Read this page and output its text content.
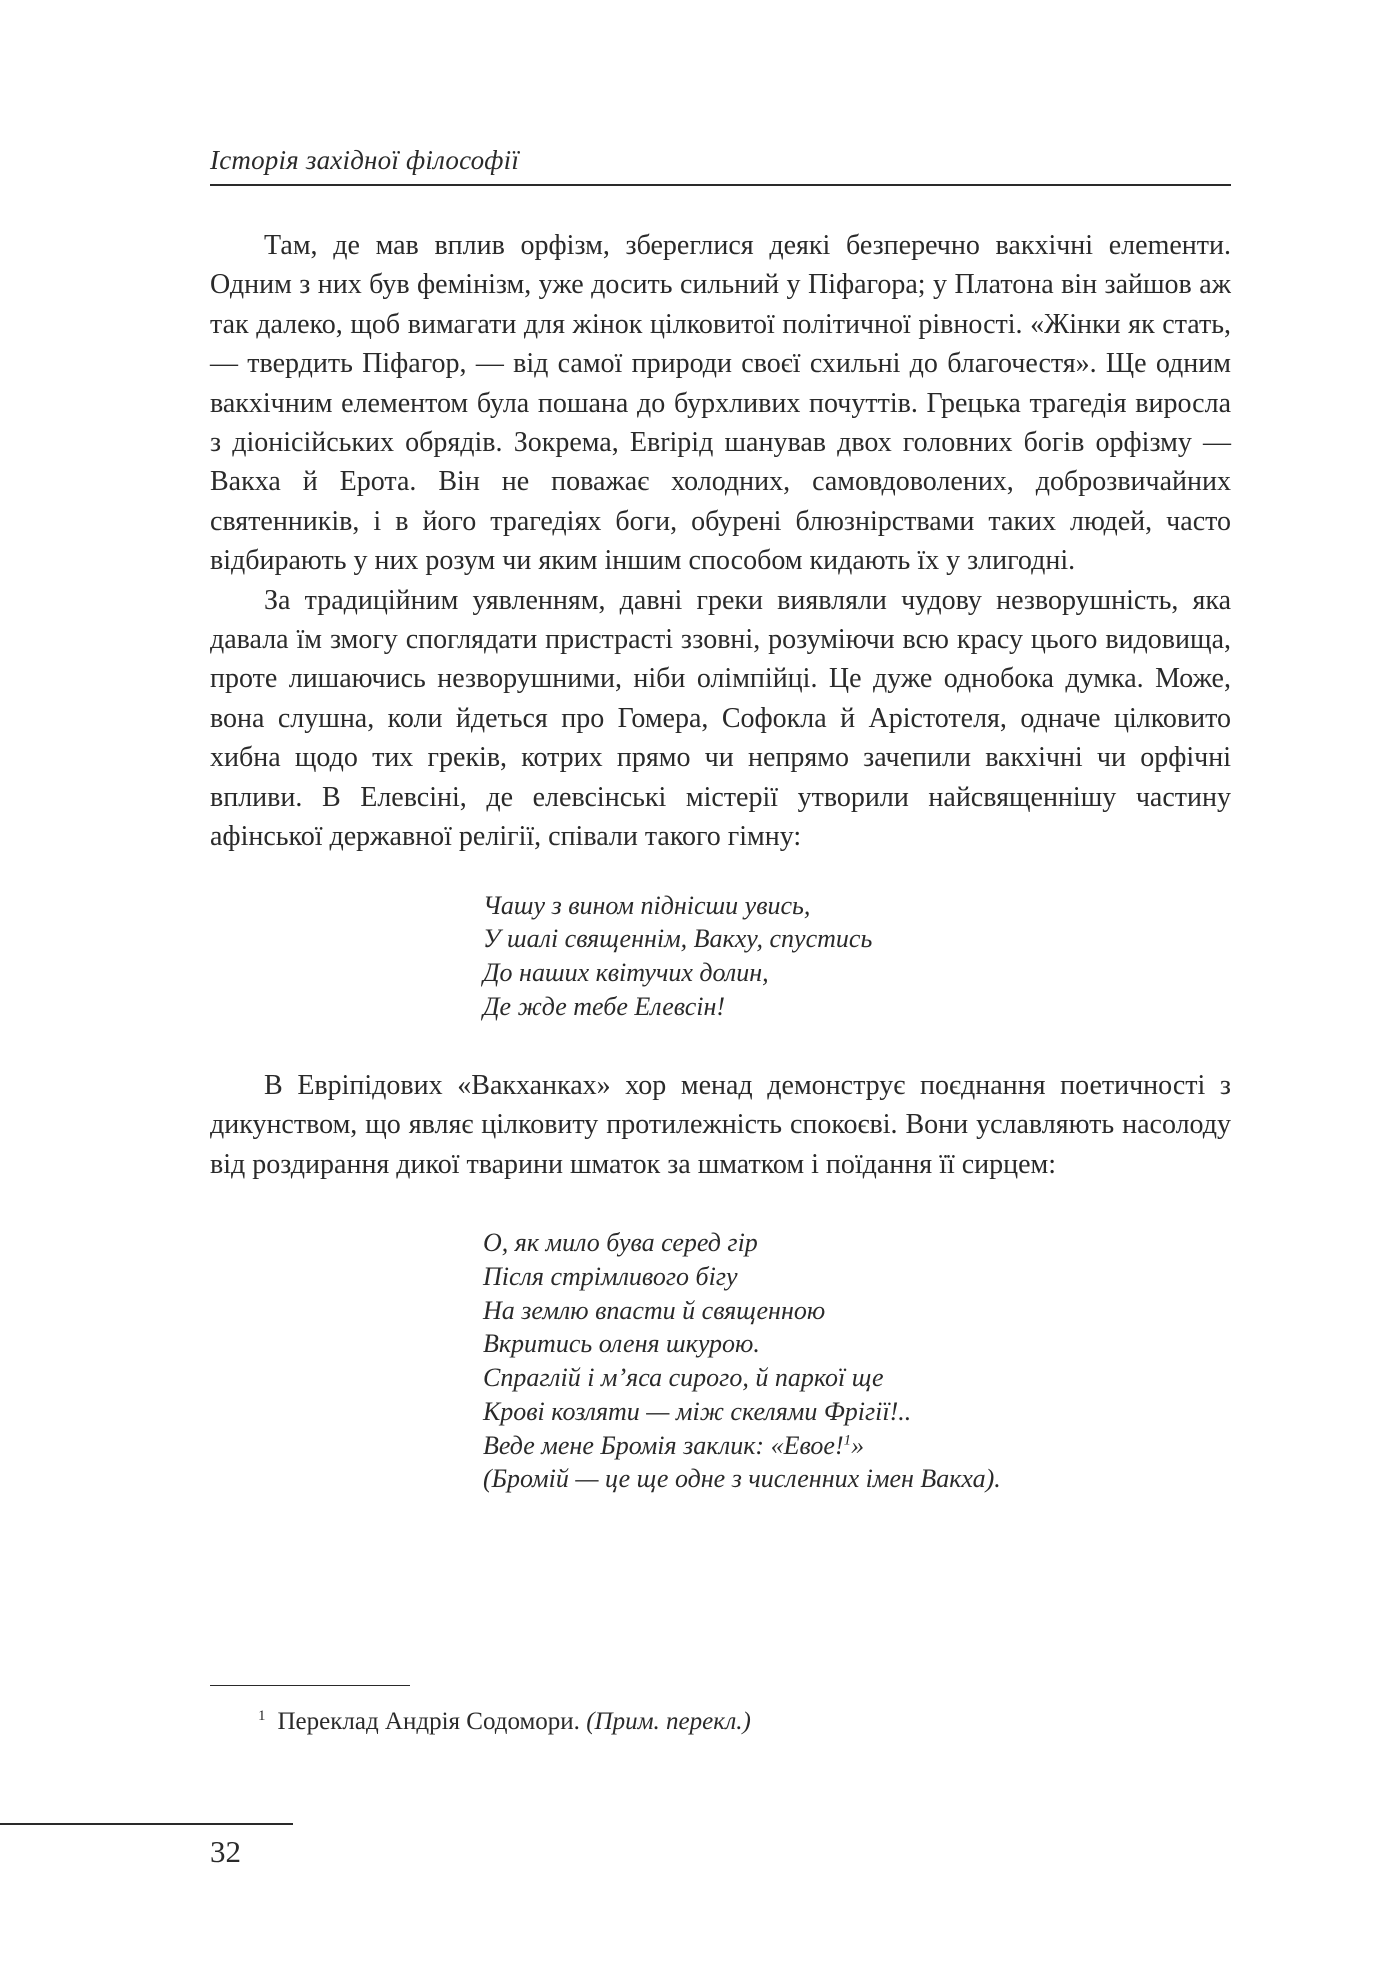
Історія західної філософії

Там, де мав вплив орфізм, збереглися деякі безперечно вакхічні елеmенти. Одним з них був фемінізм, уже досить сильний у Піфагора; у Платона він зайшов аж так далеко, щоб вимагати для жінок цілковитої політичної рівності. «Жінки як стать, — твердить Піфагор, — від самої природи своєї схильні до благочестя». Ще одним вакхічним елементом була пошана до бурхливих почуттів. Грецька трагедія виросла з діонісійських обрядів. Зокрема, Евripід шанував двох головних богів орфізму — Вакха й Ерота. Він не поважає холодних, самовдоволених, доброзвичайних святенників, і в його трагедіях боги, обурені блюзнірствами таких людей, часто відбирають у них розум чи яким іншим способом кидають їх у злигодні.

За традиційним уявленням, давні греки виявляли чудову незворушність, яка давала їм змогу споглядати пристрасті ззовні, розуміючи всю красу цього видовища, проте лишаючись незворушними, ніби олімпійці. Це дуже однобока думка. Може, вона слушна, коли йдеться про Гомера, Софокла й Арістотеля, одначе цілковито хибна щодо тих греків, котрих прямо чи непрямо зачепили вакхічні чи орфічні впливи. В Елевсіні, де елевсінські містерії утворили найсвященнішу частину афінської державної релігії, співали такого гімну:

Чашу з вином піднісши увись,
У шалі священнім, Вакху, спустись
До наших квітучих долин,
Де жде тебе Елевсін!

В Евріпідових «Вакханках» хор менад демонструє поєднання поетичності з дикунством, що являє цілковиту протилежність спокоєві. Вони уславляють насолоду від роздирання дикої тварини шматок за шматком і поїдання її сирцем:

О, як мило бува серед гір
Після стрімливого бігу
На землю впасти й священною
Вкритись оленя шкурою.
Спраглій і м’яса сирого, й паркої ще
Крові козляти — між скелями Фрігії!..
Веде мене Бромія заклик: «Евое!$^1$»
(Бромій — це ще одне з численних імен Вакха).
$^1$ Переклад Андрія Содомори. (Прим. перекл.)
32
